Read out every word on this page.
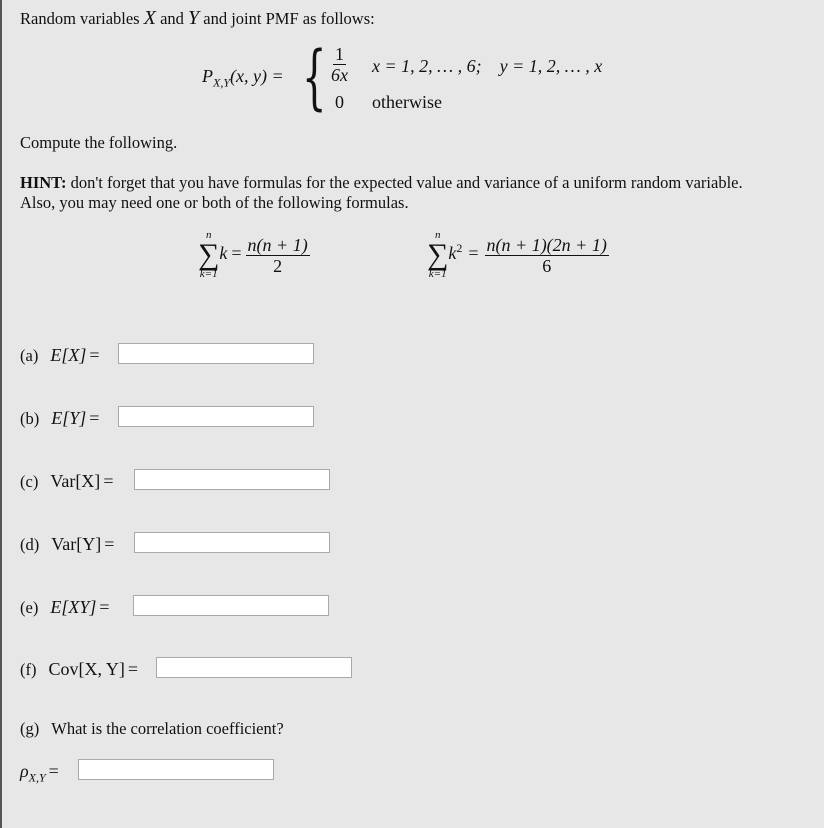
Random variables X and Y and joint PMF as follows:
$P_{X,Y}(x$, y) = { $\frac{1}{6x}$ x = 1, 2, … , 6;    y = 1, 2, … , x
0 otherwise
Compute the following.
HINT: don't forget that you have formulas for the expected value and variance of a uniform random variable.
Also, you may need one or both of the following formulas.
n
∑
k=1
$k = \frac{n(n + 1)}{2}$	n
∑
k=1
$k^2 = \frac{n(n + 1)(2n + 1)}{6}$
(a) E[X] =
(b) E[Y] =
(c) Var[X] =
(d) Var[Y] =
(e) E[XY] =
(f) Cov[X, Y] =
(g) What is the correlation coefficient?
$\rho_{X,Y}$ =
